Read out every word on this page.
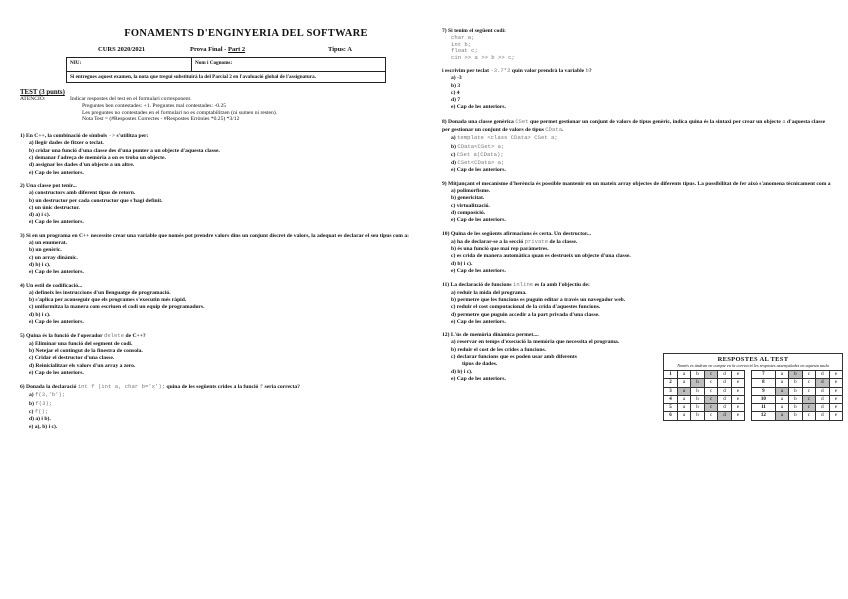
FONAMENTS D'ENGINYERIA DEL SOFTWARE
CURS 2020/2021	Prova Final - Part 2	Tipus: A
NIU:	Nom i Cognoms:
Si entregues aquest examen, la nota que tregui substituirà la del Parcial 2 en l'avaluació global de l'assignatura.
TEST (3 punts)
ATENCIÓ:	Indicar respostes del test en el formulari corresponent.
Preguntes ben contestades: +1. Preguntes mal contestades: -0.25
Les preguntes no contestades en el formulari no es comptabilitzen (ni sumen ni resten).
Nota Test = (#Respostes Correctes - #Respostes Errònies *0.25) *3/12
1) En C++, la combinació de símbols -> s'utilitza per:
a) llegir dades de fitxer o teclat.
b) cridar una funció d'una classe des d'una punter a un objecte d'aquesta classe.
c) demanar l'adreça de memòria a on es troba un objecte.
d) assignar les dades d'un objecte a un altre.
e) Cap de les anteriors.
2) Una classe pot tenir...
a) constructors amb diferent tipus de retorn.
b) un destructor per cada constructor que s'hagi definit.
c) un únic destructor.
d) a) i c).
e) Cap de les anteriors.
3) Si en un programa en C++ necessite crear una variable que només pot prendre valors dins un conjunt discret de valors, la adequat es declarar el seu tipus com a:
a) un enumerat.
b) un genèric.
c) un array dinàmic.
d) b) i c).
e) Cap de les anteriors.
4) Un estil de codificació...
a) defineix les instruccions d'un llenguatge de programació.
b) s'aplica per aconseguir que els programes s'executin més ràpid.
c) uniformitza la manera com escriuen el codi un equip de programadors.
d) b) i c).
e) Cap de les anteriors.
5) Quina és la funció de l'operador delete de C++?
a) Eliminar una funció del segment de codi.
b) Netejar el contingut de la finestra de consola.
c) Cridar el destructor d'una classe.
d) Reinicialitzar els valors d'un array a zero.
e) Cap de les anteriors.
6) Donada la declaració int f (int a, char b='x'); quina de les següents crides a la funció f seria correcta?
a) f(3,'b');
b) f(3);
c) f();
d) a) i b).
e) a), b) i c).
7) Si tenim el següent codi:
char a;
int b;
float c;
cin >> a >> b >> c;
i escrivim per teclat -3.7*2 quin valor prendrà la variable b?
a) -3
b) 3
c) 4
d) 7
e) Cap de les anteriors.
8) Donada una classe genèrica CSet que permet gestionar un conjunt de valors de tipus genèric, indica quina és la sintaxi per crear un objecte a d'aquesta classe per gestionar un conjunt de valors de tipus CData.
a) template <class CData> CSet a;
b) CData<CSet> a;
c) CSet a(CData);
d) CSet<CData> a;
e) Cap de les anteriors.
9) Mitjançant el mecanisme d'herència és possible mantenir en un mateix array objectes de diferents tipus. La possibilitat de fer això s'anomena tècnicament com a
a) polimorfisme.
b) genericitat.
c) virtualització.
d) composició.
e) Cap de les anteriors.
10) Quina de les següents afirmacions és certa. Un destructor...
a) ha de declarar-se a la secció private de la classe.
b) és una funció que mai rep paràmetres.
c) es crida de manera automàtica quan es destrueix un objecte d'una classe.
d) b) i c).
e) Cap de les anteriors.
11) La declaració de funcions inline es fa amb l'objectiu de:
a) reduir la mida del programa.
b) permetre que les funcions es puguin editar a través un navegador web.
c) reduir el cost computacional de la crida d'aquestes funcions.
d) permetre que puguin accedir a la part privada d'una classe.
e) Cap de les anteriors.
12) L'ús de memòria dinàmica permet....
a) reservar en temps d'execució la memòria que necessita el programa.
b) reduir el cost de les crides a funcions.
c) declarar funcions que es poden usar amb diferents
tipus de dades.
d) b) i c).
e) Cap de les anteriors.
RESPOSTES AL TEST
Només es tindran en compte en la correcció les respostes assenyalades en aquesta taula
1	a	b	c	d	e		7	a	b	c	d	e
2	a	b	c	d	e		8	a	b	c	d	e
3	a	b	c	d	e		9	a	b	c	d	e
4	a	b	c	d	e		10	a	b	c	d	e
5	a	b	c	d	e		11	a	b	c	d	e
6	a	b	c	d	e		12	a	b	c	d	e
